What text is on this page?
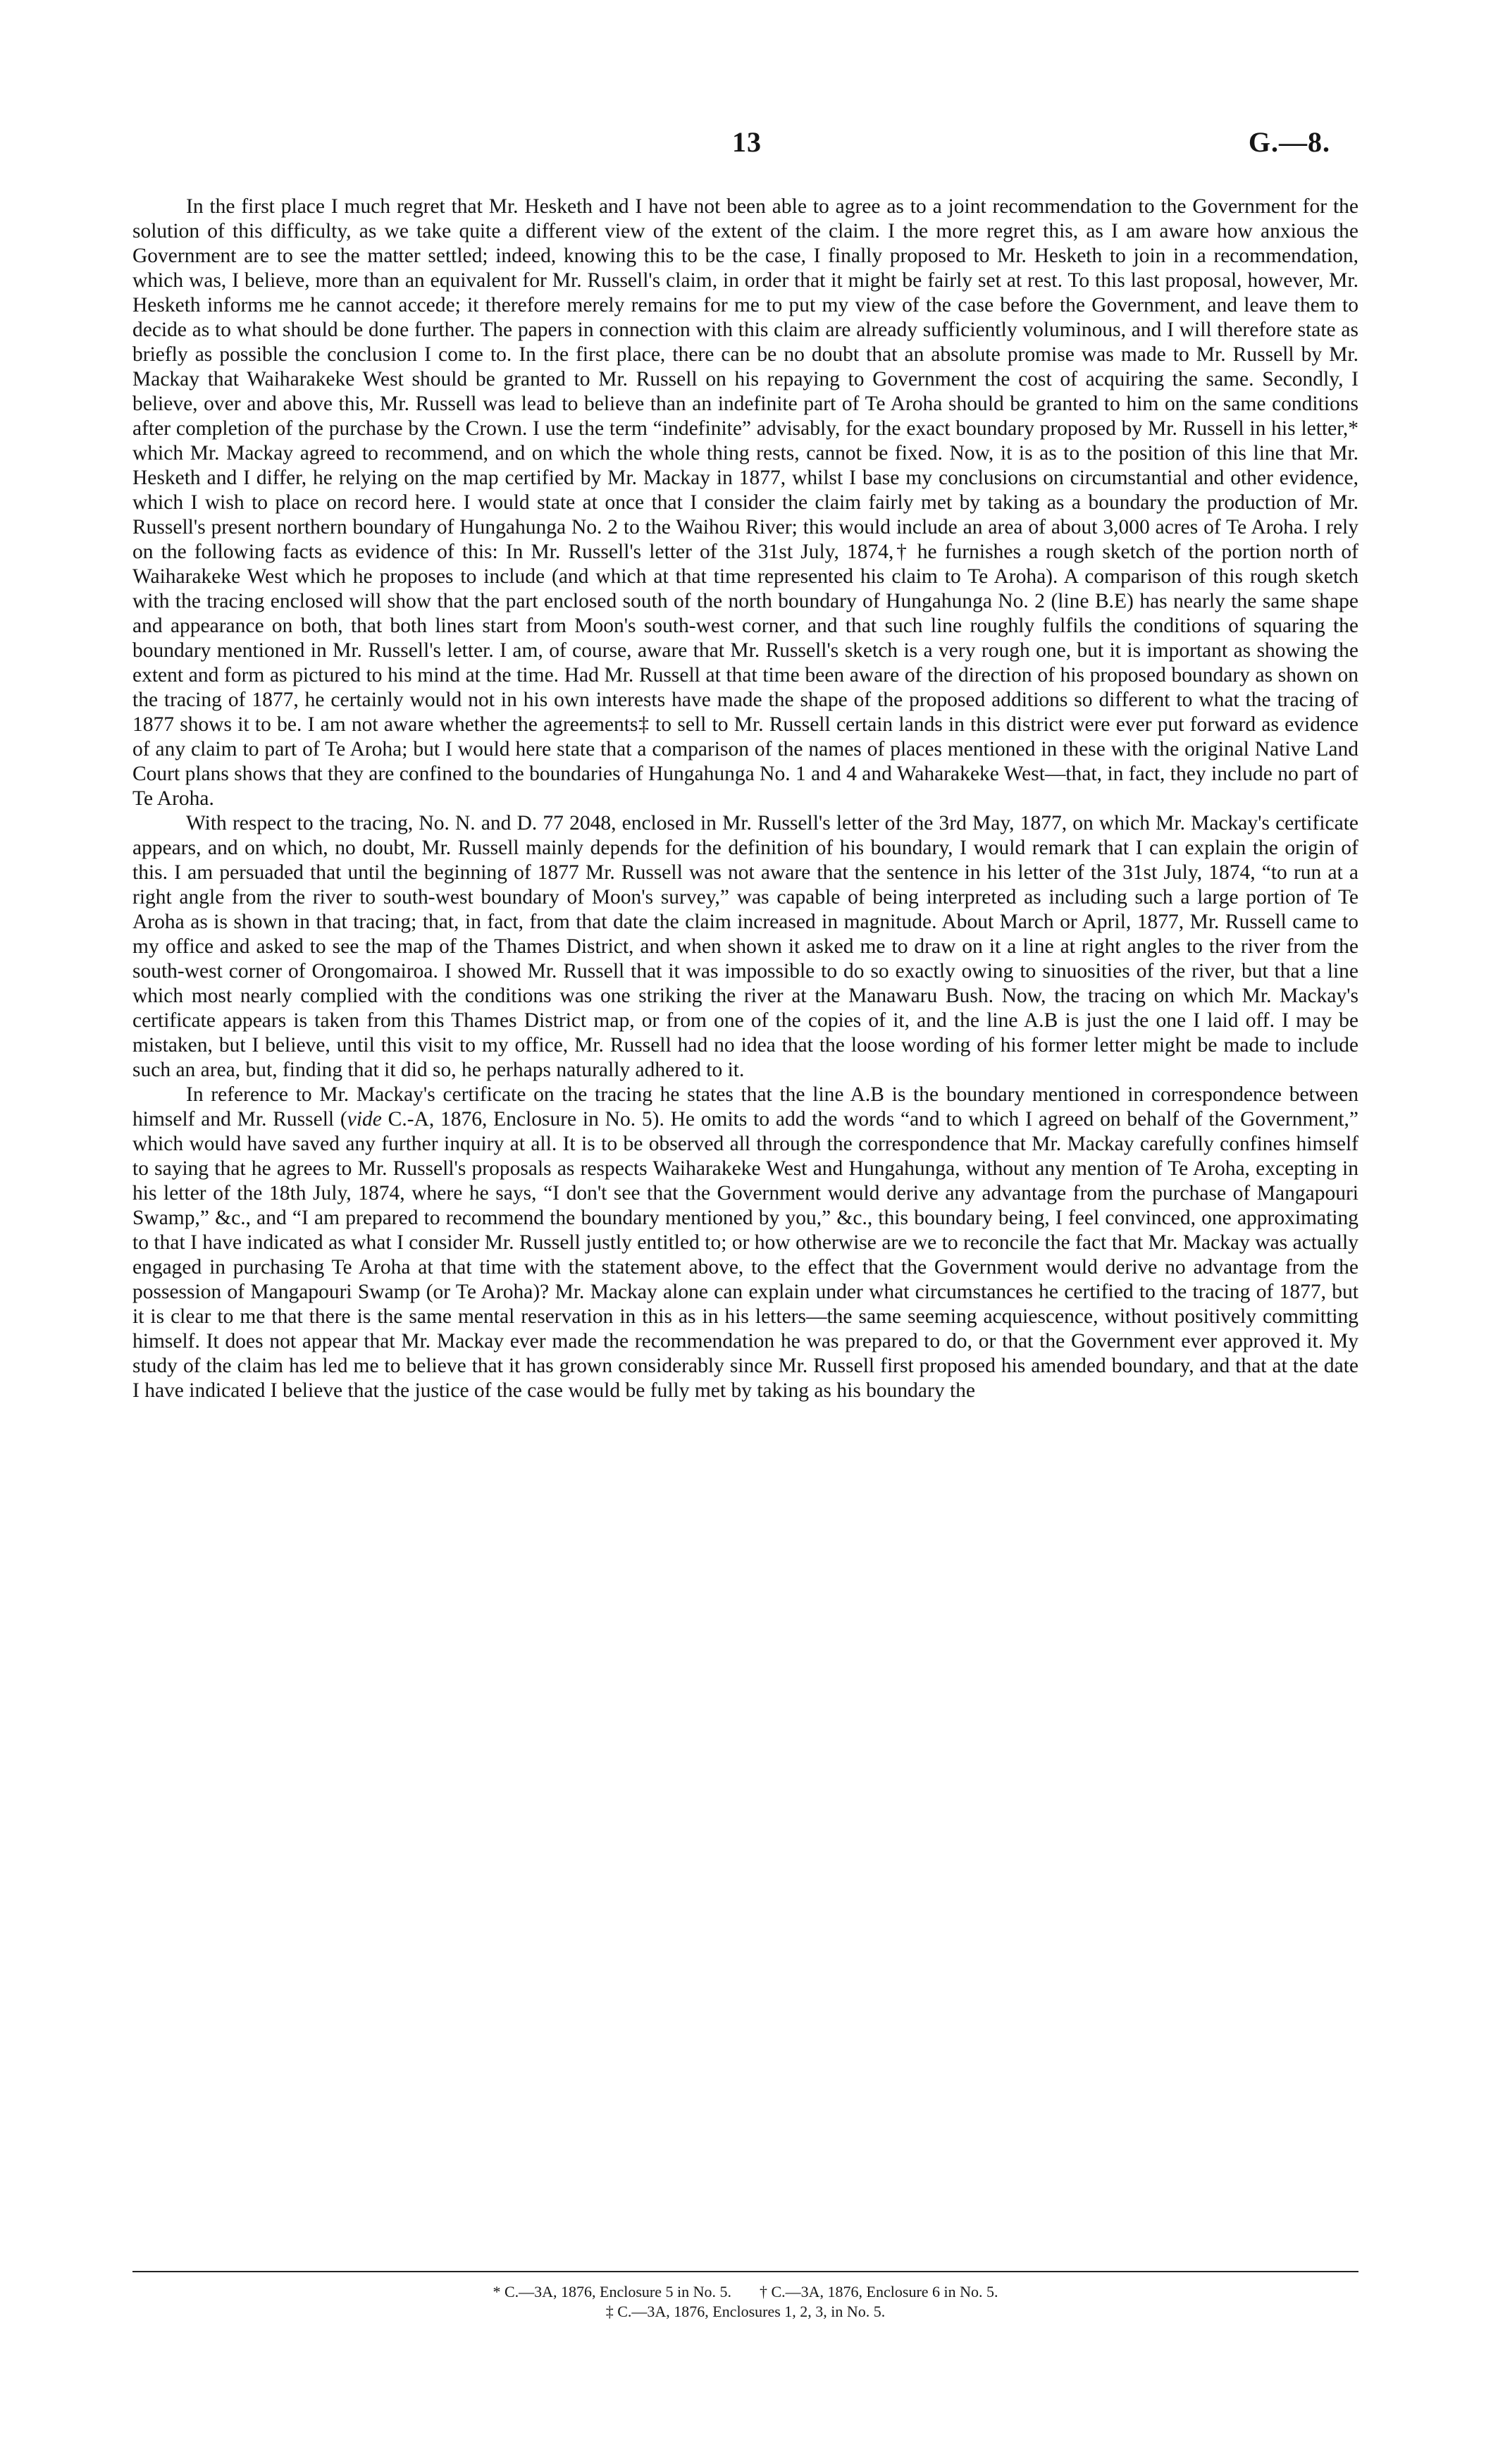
13	G.—8.

In the first place I much regret that Mr. Hesketh and I have not been able to agree as to a joint recommendation to the Government for the solution of this difficulty, as we take quite a different view of the extent of the claim. I the more regret this, as I am aware how anxious the Government are to see the matter settled; indeed, knowing this to be the case, I finally proposed to Mr. Hesketh to join in a recommendation, which was, I believe, more than an equivalent for Mr. Russell's claim, in order that it might be fairly set at rest. To this last proposal, however, Mr. Hesketh informs me he cannot accede; it therefore merely remains for me to put my view of the case before the Government, and leave them to decide as to what should be done further. The papers in connection with this claim are already sufficiently voluminous, and I will therefore state as briefly as possible the conclusion I come to. In the first place, there can be no doubt that an absolute promise was made to Mr. Russell by Mr. Mackay that Waiharakeke West should be granted to Mr. Russell on his repaying to Government the cost of acquiring the same. Secondly, I believe, over and above this, Mr. Russell was lead to believe than an indefinite part of Te Aroha should be granted to him on the same conditions after completion of the purchase by the Crown. I use the term “indefinite” advisably, for the exact boundary proposed by Mr. Russell in his letter,* which Mr. Mackay agreed to recommend, and on which the whole thing rests, cannot be fixed. Now, it is as to the position of this line that Mr. Hesketh and I differ, he relying on the map certified by Mr. Mackay in 1877, whilst I base my conclusions on circumstantial and other evidence, which I wish to place on record here. I would state at once that I consider the claim fairly met by taking as a boundary the production of Mr. Russell's present northern boundary of Hungahunga No. 2 to the Waihou River; this would include an area of about 3,000 acres of Te Aroha. I rely on the following facts as evidence of this: In Mr. Russell's letter of the 31st July, 1874,† he furnishes a rough sketch of the portion north of Waiharakeke West which he proposes to include (and which at that time represented his claim to Te Aroha). A comparison of this rough sketch with the tracing enclosed will show that the part enclosed south of the north boundary of Hungahunga No. 2 (line B.E) has nearly the same shape and appearance on both, that both lines start from Moon's south-west corner, and that such line roughly fulfils the conditions of squaring the boundary mentioned in Mr. Russell's letter. I am, of course, aware that Mr. Russell's sketch is a very rough one, but it is important as showing the extent and form as pictured to his mind at the time. Had Mr. Russell at that time been aware of the direction of his proposed boundary as shown on the tracing of 1877, he certainly would not in his own interests have made the shape of the proposed additions so different to what the tracing of 1877 shows it to be. I am not aware whether the agreements‡ to sell to Mr. Russell certain lands in this district were ever put forward as evidence of any claim to part of Te Aroha; but I would here state that a comparison of the names of places mentioned in these with the original Native Land Court plans shows that they are confined to the boundaries of Hungahunga No. 1 and 4 and Waharakeke West—that, in fact, they include no part of Te Aroha.

With respect to the tracing, No. N. and D. 77 2048, enclosed in Mr. Russell's letter of the 3rd May, 1877, on which Mr. Mackay's certificate appears, and on which, no doubt, Mr. Russell mainly depends for the definition of his boundary, I would remark that I can explain the origin of this. I am persuaded that until the beginning of 1877 Mr. Russell was not aware that the sentence in his letter of the 31st July, 1874, “to run at a right angle from the river to south-west boundary of Moon's survey,” was capable of being interpreted as including such a large portion of Te Aroha as is shown in that tracing; that, in fact, from that date the claim increased in magnitude. About March or April, 1877, Mr. Russell came to my office and asked to see the map of the Thames District, and when shown it asked me to draw on it a line at right angles to the river from the south-west corner of Orongomairoa. I showed Mr. Russell that it was impossible to do so exactly owing to sinuosities of the river, but that a line which most nearly complied with the conditions was one striking the river at the Manawaru Bush. Now, the tracing on which Mr. Mackay's certificate appears is taken from this Thames District map, or from one of the copies of it, and the line A.B is just the one I laid off. I may be mistaken, but I believe, until this visit to my office, Mr. Russell had no idea that the loose wording of his former letter might be made to include such an area, but, finding that it did so, he perhaps naturally adhered to it.

In reference to Mr. Mackay's certificate on the tracing he states that the line A.B is the boundary mentioned in correspondence between himself and Mr. Russell (vide C.-A, 1876, Enclosure in No. 5). He omits to add the words “and to which I agreed on behalf of the Government,” which would have saved any further inquiry at all. It is to be observed all through the correspondence that Mr. Mackay carefully confines himself to saying that he agrees to Mr. Russell's proposals as respects Waiharakeke West and Hungahunga, without any mention of Te Aroha, excepting in his letter of the 18th July, 1874, where he says, “I don't see that the Government would derive any advantage from the purchase of Mangapouri Swamp,” &c., and “I am prepared to recommend the boundary mentioned by you,” &c., this boundary being, I feel convinced, one approximating to that I have indicated as what I consider Mr. Russell justly entitled to; or how otherwise are we to reconcile the fact that Mr. Mackay was actually engaged in purchasing Te Aroha at that time with the statement above, to the effect that the Government would derive no advantage from the possession of Mangapouri Swamp (or Te Aroha)? Mr. Mackay alone can explain under what circumstances he certified to the tracing of 1877, but it is clear to me that there is the same mental reservation in this as in his letters—the same seeming acquiescence, without positively committing himself. It does not appear that Mr. Mackay ever made the recommendation he was prepared to do, or that the Government ever approved it. My study of the claim has led me to believe that it has grown considerably since Mr. Russell first proposed his amended boundary, and that at the date I have indicated I believe that the justice of the case would be fully met by taking as his boundary the

* C.—3A, 1876, Enclosure 5 in No. 5. † C.—3A, 1876, Enclosure 6 in No. 5.
‡ C.—3A, 1876, Enclosures 1, 2, 3, in No. 5.
